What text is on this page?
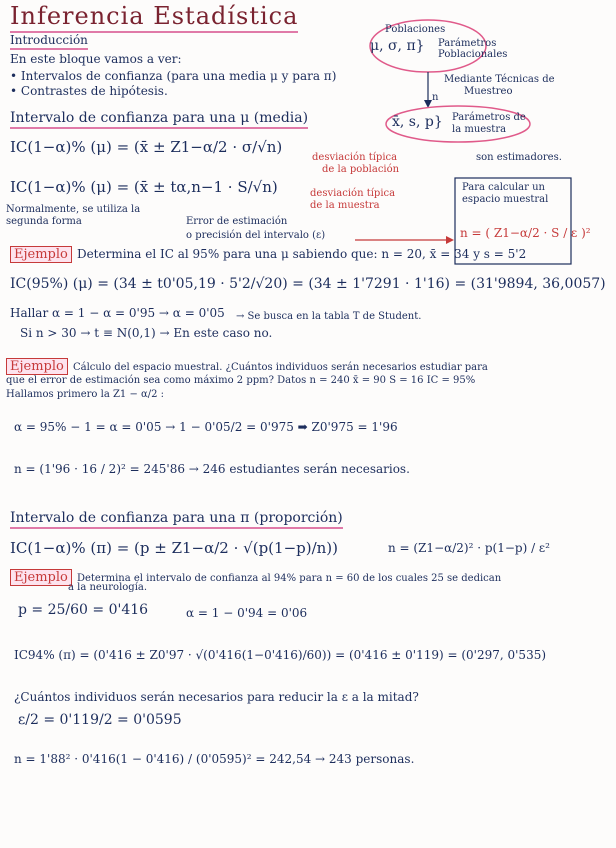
Inferencia Estadística
Introducción
En este bloque vamos a ver:
• Intervalos de confianza (para una media μ y para π)
• Contrastes de hipótesis.
Poblaciones
μ, σ, π} Parámetros Poblacionales
Mediante Técnicas de
Muestreo
n
x̄, s, p} Parámetros de
la muestra
son estimadores.
Intervalo de confianza para una μ (media)
IC(1−α)% (μ) = (x̄ ± Z1−α/2 · σ/√n)
desviación típica
de la población
IC(1−α)% (μ) = (x̄ ± tα,n−1 · S/√n)	desviación típica
de la muestra
Normalmente, se utiliza la
segunda forma	Error de estimación
o precisión del intervalo (ε)
Para calcular un
espacio muestral
n = ( Z1−α/2 · S / ε )²
Ejemplo Determina el IC al 95% para una μ sabiendo que: n = 20, x̄ = 34 y s = 5'2
IC(95%) (μ) = (34 ± t0'05,19 · 5'2/√20) = (34 ± 1'7291 · 1'16) = (31'9894, 36,0057)
Hallar α = 1 − α = 0'95 → α = 0'05 → Se busca en la tabla T de Student.
Si n > 30 → t ≡ N(0,1) → En este caso no.
Ejemplo Cálculo del espacio muestral. ¿Cuántos individuos serán necesarios estudiar para
que el error de estimación sea como máximo 2 ppm? Datos n = 240 x̄ = 90 S = 16 IC = 95%
Hallamos primero la Z1 − α/2 :
α = 95% − 1 = α = 0'05 → 1 − 0'05/2 = 0'975 ➡ Z0'975 = 1'96
n = (1'96 · 16 / 2)² = 245'86 → 246 estudiantes serán necesarios.
Intervalo de confianza para una π (proporción)
IC(1−α)% (π) = (p ± Z1−α/2 · √(p(1−p)/n))	n = (Z1−α/2)² · p(1−p) / ε²
Ejemplo Determina el intervalo de confianza al 94% para n = 60 de los cuales 25 se dedican
a la neurología.
p = 25/60 = 0'416	α = 1 − 0'94 = 0'06
IC94% (π) = (0'416 ± Z0'97 · √(0'416(1−0'416)/60)) = (0'416 ± 0'119) = (0'297, 0'535)
¿Cuántos individuos serán necesarios para reducir la ε a la mitad?
ε/2 = 0'119/2 = 0'0595
n = 1'88² · 0'416(1 − 0'416) / (0'0595)² = 242,54 → 243 personas.
